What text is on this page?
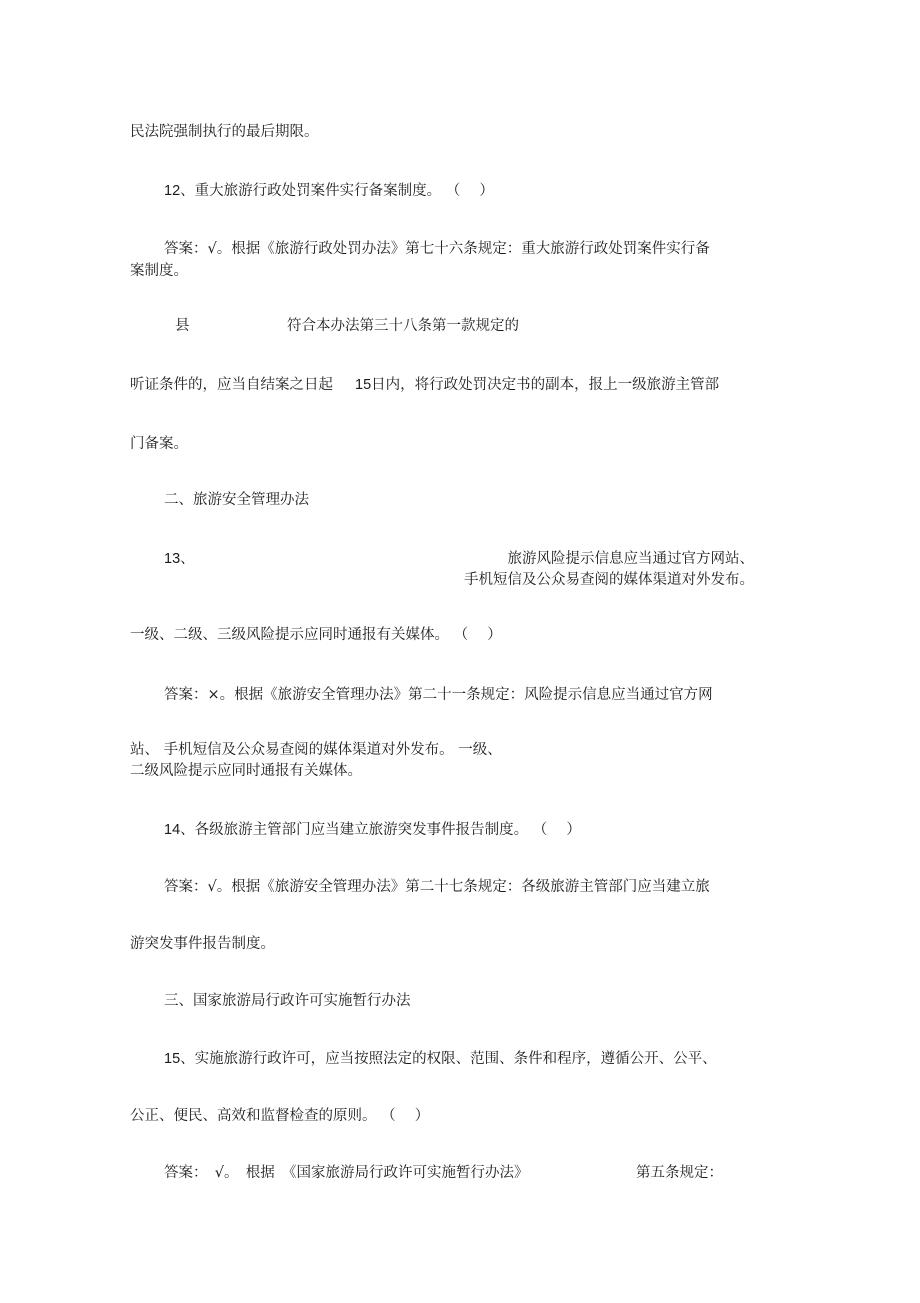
民法院强制执行的最后期限。
12、重大旅游行政处罚案件实行备案制度。 （　 ）
答案：√。根据《旅游行政处罚办法》第七十六条规定：重大旅游行政处罚案件实行备
案制度。
县	符合本办法第三十八条第一款规定的
听证条件的，应当自结案之日起 15日内，将行政处罚决定书的副本，报上一级旅游主管部
门备案。
二、旅游安全管理办法
13、	旅游风险提示信息应当通过官方网站、
手机短信及公众易查阅的媒体渠道对外发布。
一级、二级、三级风险提示应同时通报有关媒体。 （　 ）
答案：×。根据《旅游安全管理办法》第二十一条规定：风险提示信息应当通过官方网
站、 手机短信及公众易查阅的媒体渠道对外发布。 一级、
二级风险提示应同时通报有关媒体。
14、各级旅游主管部门应当建立旅游突发事件报告制度。 （　 ）
答案：√。根据《旅游安全管理办法》第二十七条规定：各级旅游主管部门应当建立旅
游突发事件报告制度。
三、国家旅游局行政许可实施暂行办法
15、实施旅游行政许可，应当按照法定的权限、范围、条件和程序，遵循公开、公平、
公正、便民、高效和监督检查的原则。 （　 ）
答案：　√。　根据　《国家旅游局行政许可实施暂行办法》	第五条规定：
